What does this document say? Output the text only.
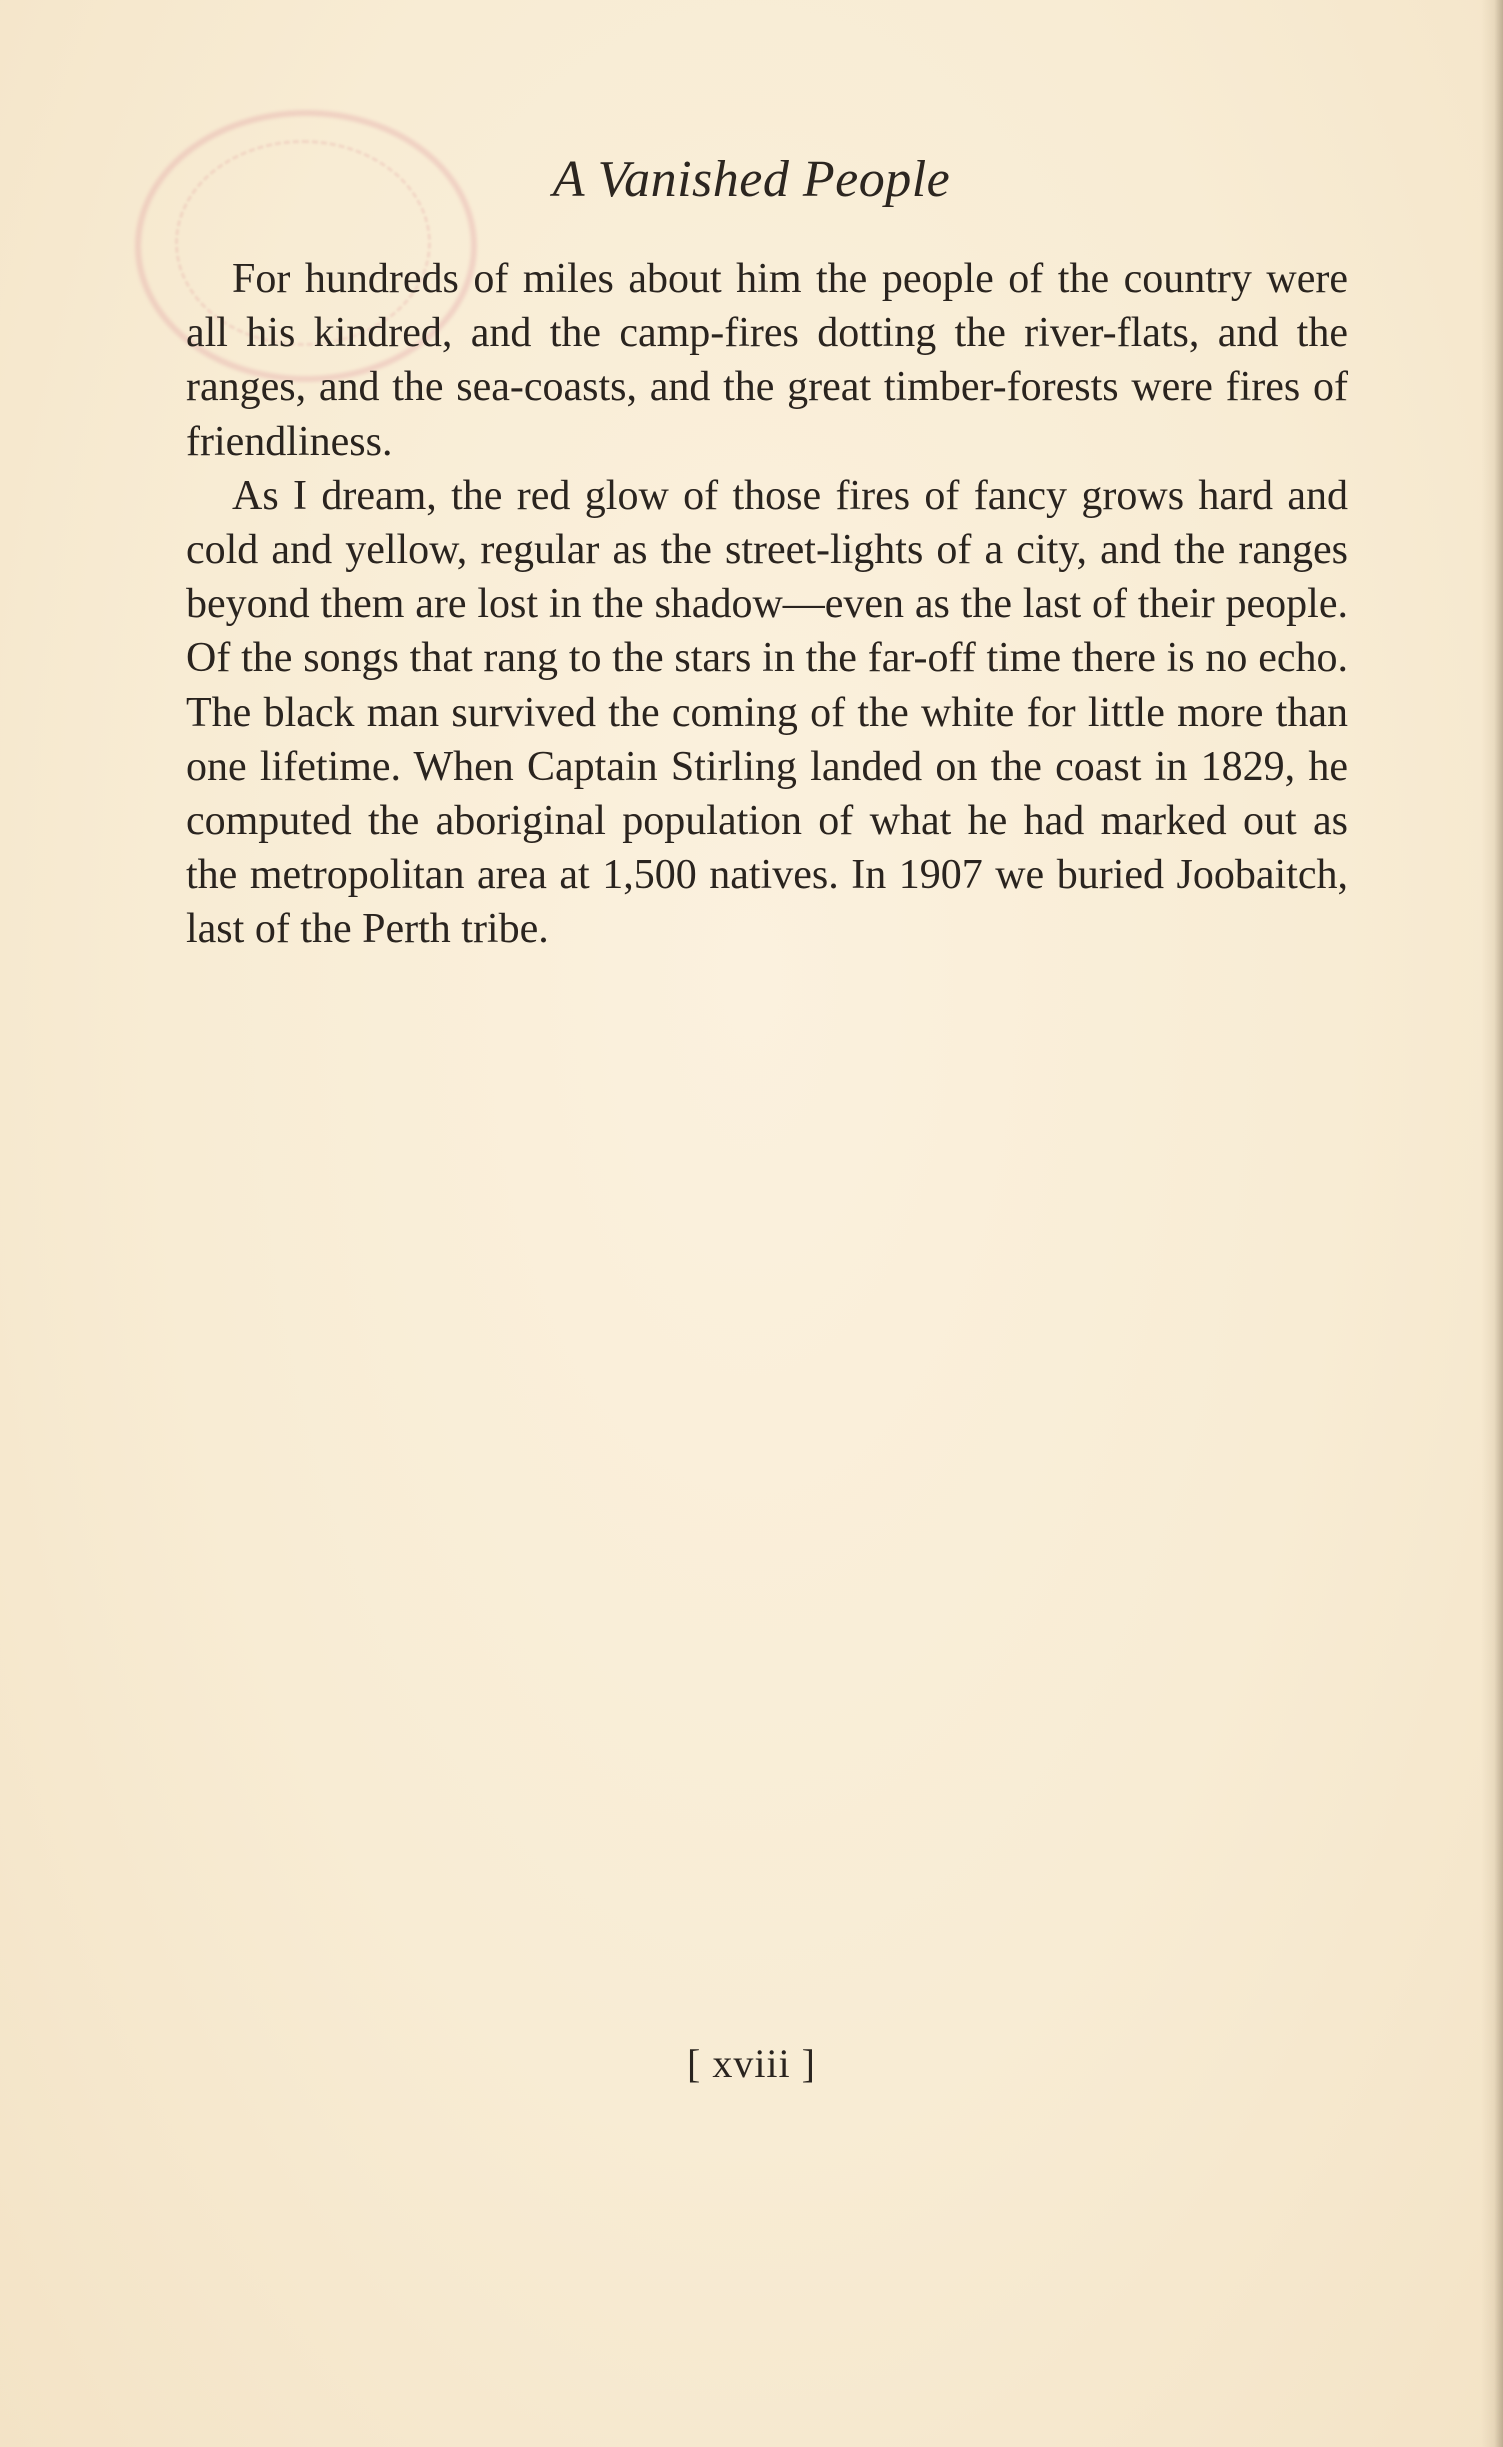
A Vanished People

For hundreds of miles about him the people of the country were all his kindred, and the camp-fires dotting the river-flats, and the ranges, and the sea-coasts, and the great timber-forests were fires of friendliness.

As I dream, the red glow of those fires of fancy grows hard and cold and yellow, regular as the street-lights of a city, and the ranges beyond them are lost in the shadow—even as the last of their people. Of the songs that rang to the stars in the far-off time there is no echo. The black man survived the coming of the white for little more than one lifetime. When Captain Stirling landed on the coast in 1829, he computed the aboriginal population of what he had marked out as the metropolitan area at 1,500 natives. In 1907 we buried Joobaitch, last of the Perth tribe.

[ xviii ]
